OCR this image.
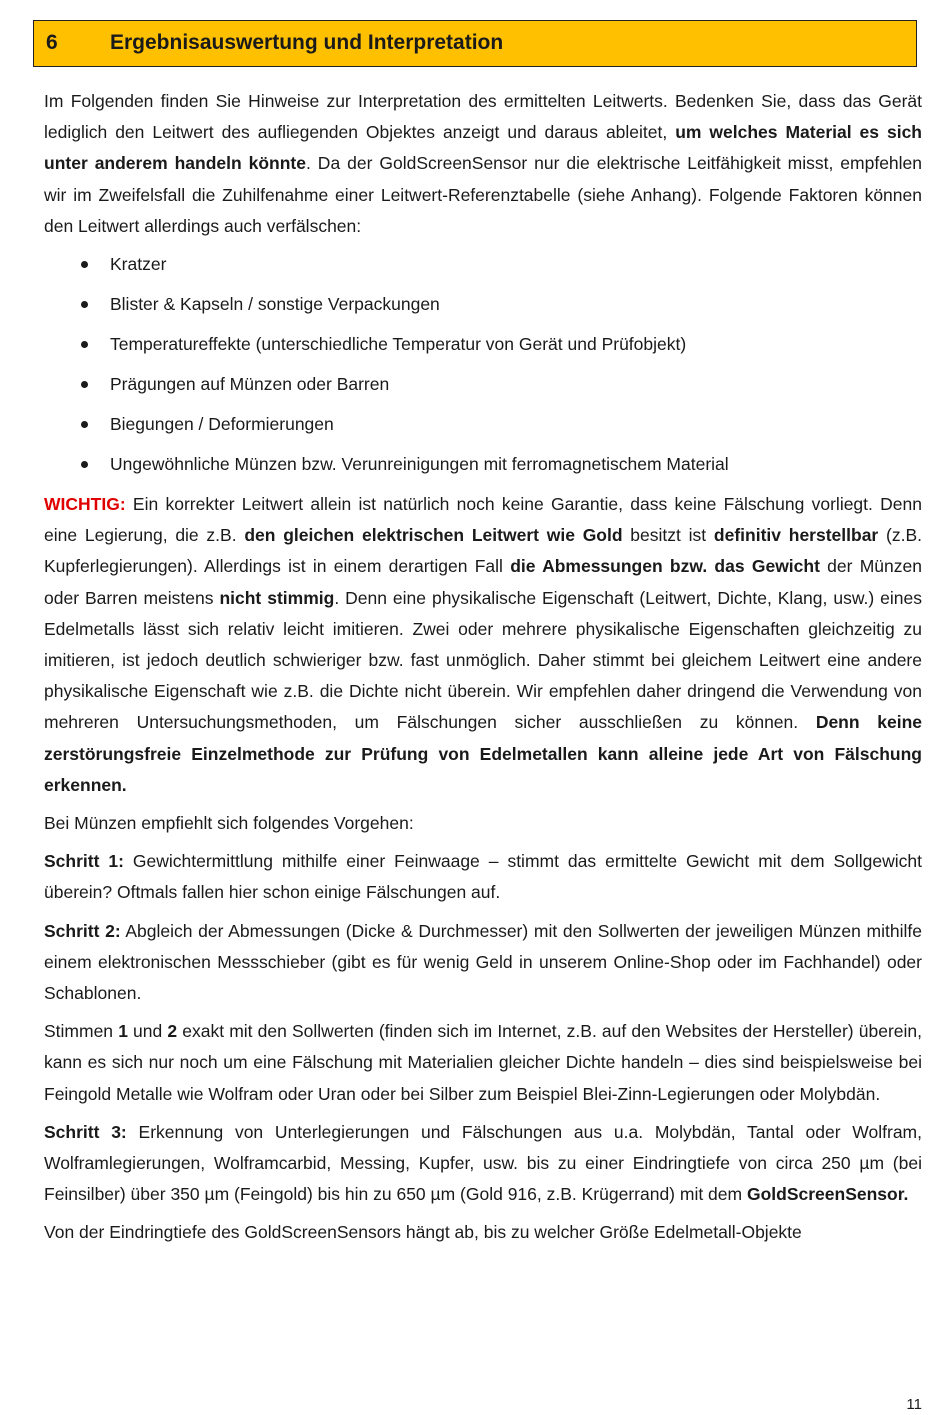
6 Ergebnisauswertung und Interpretation

Im Folgenden finden Sie Hinweise zur Interpretation des ermittelten Leitwerts. Bedenken Sie, dass das Gerät lediglich den Leitwert des aufliegenden Objektes anzeigt und daraus ableitet, um welches Material es sich unter anderem handeln könnte. Da der GoldScreenSensor nur die elektrische Leitfähigkeit misst, empfehlen wir im Zweifelsfall die Zuhilfenahme einer Leitwert-Referenztabelle (siehe Anhang). Folgende Faktoren können den Leitwert allerdings auch verfälschen:

Kratzer
Blister & Kapseln / sonstige Verpackungen
Temperatureffekte (unterschiedliche Temperatur von Gerät und Prüfobjekt)
Prägungen auf Münzen oder Barren
Biegungen / Deformierungen
Ungewöhnliche Münzen bzw. Verunreinigungen mit ferromagnetischem Material

WICHTIG: Ein korrekter Leitwert allein ist natürlich noch keine Garantie, dass keine Fälschung vorliegt. Denn eine Legierung, die z.B. den gleichen elektrischen Leitwert wie Gold besitzt ist definitiv herstellbar (z.B. Kupferlegierungen). Allerdings ist in einem derartigen Fall die Abmessungen bzw. das Gewicht der Münzen oder Barren meistens nicht stimmig. Denn eine physikalische Eigenschaft (Leitwert, Dichte, Klang, usw.) eines Edelmetalls lässt sich relativ leicht imitieren. Zwei oder mehrere physikalische Eigenschaften gleichzeitig zu imitieren, ist jedoch deutlich schwieriger bzw. fast unmöglich. Daher stimmt bei gleichem Leitwert eine andere physikalische Eigenschaft wie z.B. die Dichte nicht überein. Wir empfehlen daher dringend die Verwendung von mehreren Untersuchungsmethoden, um Fälschungen sicher ausschließen zu können. Denn keine zerstörungsfreie Einzelmethode zur Prüfung von Edelmetallen kann alleine jede Art von Fälschung erkennen.

Bei Münzen empfiehlt sich folgendes Vorgehen:

Schritt 1: Gewichtermittlung mithilfe einer Feinwaage – stimmt das ermittelte Gewicht mit dem Sollgewicht überein? Oftmals fallen hier schon einige Fälschungen auf.

Schritt 2: Abgleich der Abmessungen (Dicke & Durchmesser) mit den Sollwerten der jeweiligen Münzen mithilfe einem elektronischen Messschieber (gibt es für wenig Geld in unserem Online-Shop oder im Fachhandel) oder Schablonen.

Stimmen 1 und 2 exakt mit den Sollwerten (finden sich im Internet, z.B. auf den Websites der Hersteller) überein, kann es sich nur noch um eine Fälschung mit Materialien gleicher Dichte handeln – dies sind beispielsweise bei Feingold Metalle wie Wolfram oder Uran oder bei Silber zum Beispiel Blei-Zinn-Legierungen oder Molybdän.

Schritt 3: Erkennung von Unterlegierungen und Fälschungen aus u.a. Molybdän, Tantal oder Wolfram, Wolframlegierungen, Wolframcarbid, Messing, Kupfer, usw. bis zu einer Eindringtiefe von circa 250 µm (bei Feinsilber) über 350 µm (Feingold) bis hin zu 650 µm (Gold 916, z.B. Krügerrand) mit dem GoldScreenSensor.

Von der Eindringtiefe des GoldScreenSensors hängt ab, bis zu welcher Größe Edelmetall-Objekte

11
